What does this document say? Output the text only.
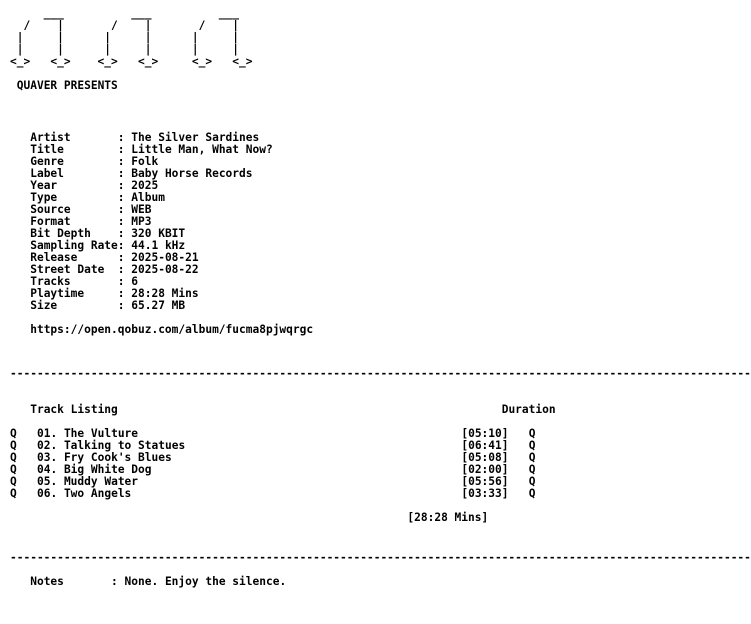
___          ___          ___
/    |       /    |       /    |
|     |      |     |      |     |
|     |      |     |      |     |
<_>   <_>    <_>   <_>     <_>   <_>

QUAVER PRESENTS

Artist       : The Silver Sardines
Title        : Little Man, What Now?
Genre        : Folk
Label        : Baby Horse Records
Year         : 2025
Type         : Album
Source       : WEB
Format       : MP3
Bit Depth    : 320 KBIT
Sampling Rate: 44.1 kHz
Release      : 2025-08-21
Street Date  : 2025-08-22
Tracks       : 6
Playtime     : 28:28 Mins
Size         : 65.27 MB

https://open.qobuz.com/album/fucma8pjwqrgc
--------------------------------------------------------------------------------------------------------------

Track Listing	Duration

Q 01. The Vulture                                                [05:10] Q
Q 02. Talking to Statues                                         [06:41] Q
Q 03. Fry Cook's Blues                                           [05:08] Q
Q 04. Big White Dog                                              [02:00] Q
Q 05. Muddy Water                                                [05:56] Q
Q 06. Two Angels                                                 [03:33] Q

[28:28 Mins]
--------------------------------------------------------------------------------------------------------------

Notes       : None. Enjoy the silence.
